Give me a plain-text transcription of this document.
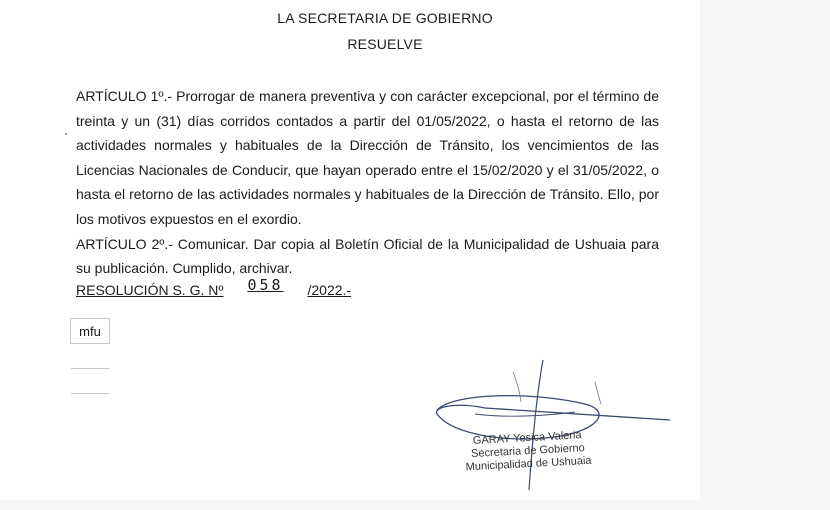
LA SECRETARIA DE GOBIERNO
RESUELVE

ARTÍCULO 1º.- Prorrogar de manera preventiva y con carácter excepcional, por el término de treinta y un (31) días corridos contados a partir del 01/05/2022, o hasta el retorno de las actividades normales y habituales de la Dirección de Tránsito, los vencimientos de las Licencias Nacionales de Conducir, que hayan operado entre el 15/02/2020 y el 31/05/2022, o hasta el retorno de las actividades normales y habituales de la Dirección de Tránsito. Ello, por los motivos expuestos en el exordio.

ARTÍCULO 2º.- Comunicar. Dar copia al Boletín Oficial de la Municipalidad de Ushuaia para su publicación. Cumplido, archivar.

RESOLUCIÓN S. G. Nº 058 /2022.-
mfu

GARAY Yesica Valeria
Secretaria de Gobierno
Municipalidad de Ushuaia
